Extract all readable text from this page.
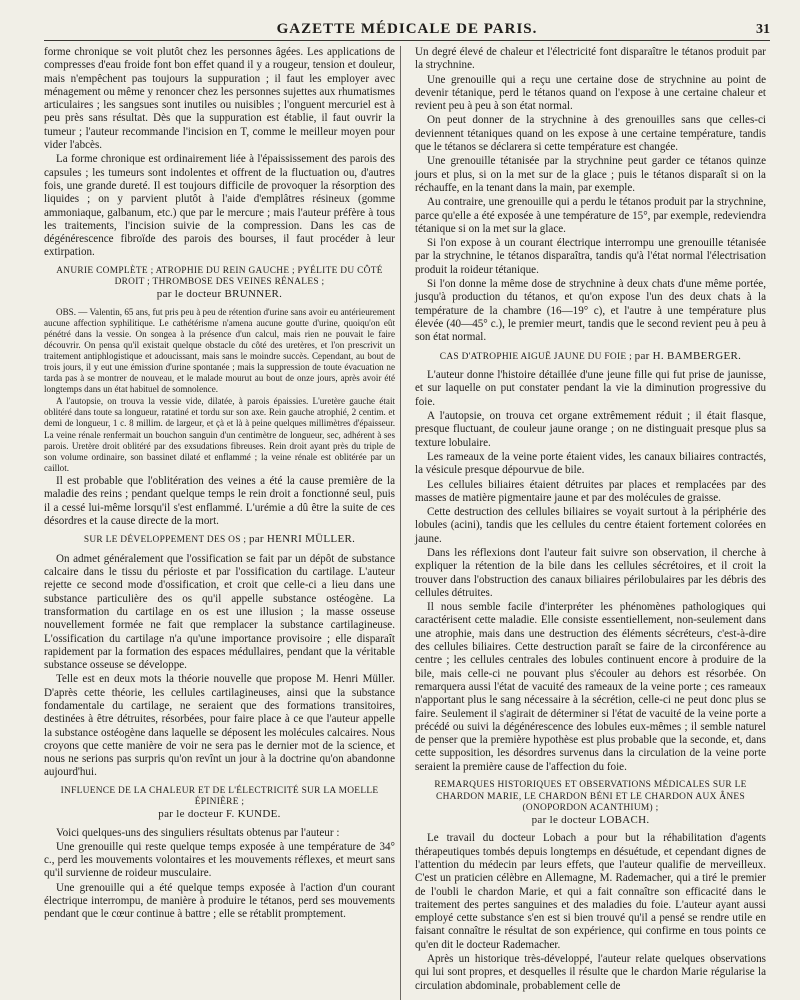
GAZETTE MÉDICALE DE PARIS.	31

forme chronique se voit plutôt chez les personnes âgées. Les applications de compresses d'eau froide font bon effet quand il y a rougeur, tension et douleur, mais n'empêchent pas toujours la suppuration ; il faut les employer avec ménagement ou même y renoncer chez les personnes sujettes aux rhumatismes articulaires ; les sangsues sont inutiles ou nuisibles ; l'onguent mercuriel est à peu près sans résultat. Dès que la suppuration est établie, il faut ouvrir la tumeur ; l'auteur recommande l'incision en T, comme le meilleur moyen pour vider l'abcès.

La forme chronique est ordinairement liée à l'épaississement des parois des capsules ; les tumeurs sont indolentes et offrent de la fluctuation ou, d'autres fois, une grande dureté. Il est toujours difficile de provoquer la résorption des liquides ; on y parvient plutôt à l'aide d'emplâtres résineux (gomme ammoniaque, galbanum, etc.) que par le mercure ; mais l'auteur préfère à tous les traitements, l'incision suivie de la compression. Dans les cas de dégénérescence fibroïde des parois des bourses, il faut procéder à leur extirpation.

ANURIE COMPLÈTE ; ATROPHIE DU REIN GAUCHE ; PYÉLITE DU CÔTÉ DROIT ; THROMBOSE DES VEINES RÉNALES ;
par le docteur BRUNNER.

OBS. — Valentin, 65 ans, fut pris peu à peu de rétention d'urine sans avoir eu antérieurement aucune affection syphilitique. Le cathétérisme n'amena aucune goutte d'urine, quoiqu'on eût pénétré dans la vessie. On songea à la présence d'un calcul, mais rien ne pouvait le faire découvrir. On pensa qu'il existait quelque obstacle du côté des uretères, et l'on prescrivit un traitement antiphlogistique et adoucissant, mais sans le moindre succès. Cependant, au bout de trois jours, il y eut une émission d'urine spontanée ; mais la suppression de toute évacuation ne tarda pas à se montrer de nouveau, et le malade mourut au bout de onze jours, après avoir été longtemps dans un état habituel de somnolence.

A l'autopsie, on trouva la vessie vide, dilatée, à parois épaissies. L'uretère gauche était oblitéré dans toute sa longueur, ratatiné et tordu sur son axe. Rein gauche atrophié, 2 centim. et demi de longueur, 1 c. 8 millim. de largeur, et çà et là à peine quelques millimètres d'épaisseur. La veine rénale renfermait un bouchon sanguin d'un centimètre de longueur, sec, adhérent à ses parois. Uretère droit oblitéré par des exsudations fibreuses. Rein droit ayant près du triple de son volume ordinaire, son bassinet dilaté et enflammé ; la veine rénale est oblitérée par un caillot.

Il est probable que l'oblitération des veines a été la cause première de la maladie des reins ; pendant quelque temps le rein droit a fonctionné seul, puis il a cessé lui-même lorsqu'il s'est enflammé. L'urémie a dû être la suite de ces désordres et la cause directe de la mort.

SUR LE DÉVELOPPEMENT DES OS ; par HENRI MÜLLER.

On admet généralement que l'ossification se fait par un dépôt de substance calcaire dans le tissu du périoste et par l'ossification du cartilage. L'auteur rejette ce second mode d'ossification, et croit que celle-ci a lieu dans une substance particulière des os qu'il appelle substance ostéogène. La transformation du cartilage en os est une illusion ; la masse osseuse nouvellement formée ne fait que remplacer la substance cartilagineuse. L'ossification du cartilage n'a qu'une importance provisoire ; elle disparaît rapidement par la formation des espaces médullaires, pendant que la véritable substance osseuse se développe.

Telle est en deux mots la théorie nouvelle que propose M. Henri Müller. D'après cette théorie, les cellules cartilagineuses, ainsi que la substance fondamentale du cartilage, ne seraient que des formations transitoires, destinées à être détruites, résorbées, pour faire place à ce que l'auteur appelle la substance ostéogène dans laquelle se déposent les molécules calcaires. Nous croyons que cette manière de voir ne sera pas le dernier mot de la science, et nous ne serions pas surpris qu'on revînt un jour à la doctrine qu'on abandonne aujourd'hui.

INFLUENCE DE LA CHALEUR ET DE L'ÉLECTRICITÉ SUR LA MOELLE ÉPINIÈRE ;
par le docteur F. KUNDE.

Voici quelques-uns des singuliers résultats obtenus par l'auteur :

Une grenouille qui reste quelque temps exposée à une température de 34° c., perd les mouvements volontaires et les mouvements réflexes, et meurt sans qu'il survienne de roideur musculaire.

Une grenouille qui a été quelque temps exposée à l'action d'un courant électrique interrompu, de manière à produire le tétanos, perd ses mouvements pendant que le cœur continue à battre ; elle se rétablit promptement.

Un degré élevé de chaleur et l'électricité font disparaître le tétanos produit par la strychnine.

Une grenouille qui a reçu une certaine dose de strychnine au point de devenir tétanique, perd le tétanos quand on l'expose à une certaine chaleur et revient peu à peu à son état normal.

On peut donner de la strychnine à des grenouilles sans que celles-ci deviennent tétaniques quand on les expose à une certaine température, tandis que le tétanos se déclarera si cette température est changée.

Une grenouille tétanisée par la strychnine peut garder ce tétanos quinze jours et plus, si on la met sur de la glace ; puis le tétanos disparaît si on la réchauffe, en la tenant dans la main, par exemple.

Au contraire, une grenouille qui a perdu le tétanos produit par la strychnine, parce qu'elle a été exposée à une température de 15°, par exemple, redeviendra tétanique si on la met sur la glace.

Si l'on expose à un courant électrique interrompu une grenouille tétanisée par la strychnine, le tétanos disparaîtra, tandis qu'à l'état normal l'électrisation produit la roideur tétanique.

Si l'on donne la même dose de strychnine à deux chats d'une même portée, jusqu'à production du tétanos, et qu'on expose l'un des deux chats à la température de la chambre (16—19° c), et l'autre à une température plus élevée (40—45° c.), le premier meurt, tandis que le second revient peu à peu à son état normal.

CAS D'ATROPHIE AIGUË JAUNE DU FOIE ; par H. BAMBERGER.

L'auteur donne l'histoire détaillée d'une jeune fille qui fut prise de jaunisse, et sur laquelle on put constater pendant la vie la diminution progressive du foie.

A l'autopsie, on trouva cet organe extrêmement réduit ; il était flasque, presque fluctuant, de couleur jaune orange ; on ne distinguait presque plus sa texture lobulaire.

Les rameaux de la veine porte étaient vides, les canaux biliaires contractés, la vésicule presque dépourvue de bile.

Les cellules biliaires étaient détruites par places et remplacées par des masses de matière pigmentaire jaune et par des molécules de graisse.

Cette destruction des cellules biliaires se voyait surtout à la périphérie des lobules (acini), tandis que les cellules du centre étaient fortement colorées en jaune.

Dans les réflexions dont l'auteur fait suivre son observation, il cherche à expliquer la rétention de la bile dans les cellules sécrétoires, et il croit la trouver dans l'obstruction des canaux biliaires périlobulaires par les débris des cellules détruites.

Il nous semble facile d'interpréter les phénomènes pathologiques qui caractérisent cette maladie. Elle consiste essentiellement, non-seulement dans une atrophie, mais dans une destruction des éléments sécréteurs, c'est-à-dire des cellules biliaires. Cette destruction paraît se faire de la circonférence au centre ; les cellules centrales des lobules continuent encore à produire de la bile, mais celle-ci ne pouvant plus s'écouler au dehors est résorbée. On remarquera aussi l'état de vacuité des rameaux de la veine porte ; ces rameaux n'apportant plus le sang nécessaire à la sécrétion, celle-ci ne peut donc plus se faire. Seulement il s'agirait de déterminer si l'état de vacuité de la veine porte a précédé ou suivi la dégénérescence des lobules eux-mêmes ; il semble naturel de penser que la première hypothèse est plus probable que la seconde, et, dans cette supposition, les désordres survenus dans la circulation de la veine porte seraient la première cause de l'affection du foie.

REMARQUES HISTORIQUES ET OBSERVATIONS MÉDICALES SUR LE CHARDON MARIE, LE CHARDON BÉNI ET LE CHARDON AUX ÂNES (ONOPORDON ACANTHIUM) ;
par le docteur LOBACH.

Le travail du docteur Lobach a pour but la réhabilitation d'agents thérapeutiques tombés depuis longtemps en désuétude, et cependant dignes de l'attention du médecin par leurs effets, que l'auteur qualifie de merveilleux. C'est un praticien célèbre en Allemagne, M. Rademacher, qui a tiré le premier de l'oubli le chardon Marie, et qui a fait connaître son efficacité dans le traitement des pertes sanguines et des maladies du foie. L'auteur ayant aussi employé cette substance s'en est si bien trouvé qu'il a pensé se rendre utile en faisant connaître le résultat de son expérience, qui confirme en tous points ce qu'en dit le docteur Rademacher.

Après un historique très-développé, l'auteur relate quelques observations qui lui sont propres, et desquelles il résulte que le chardon Marie régularise la circulation abdominale, probablement celle de
